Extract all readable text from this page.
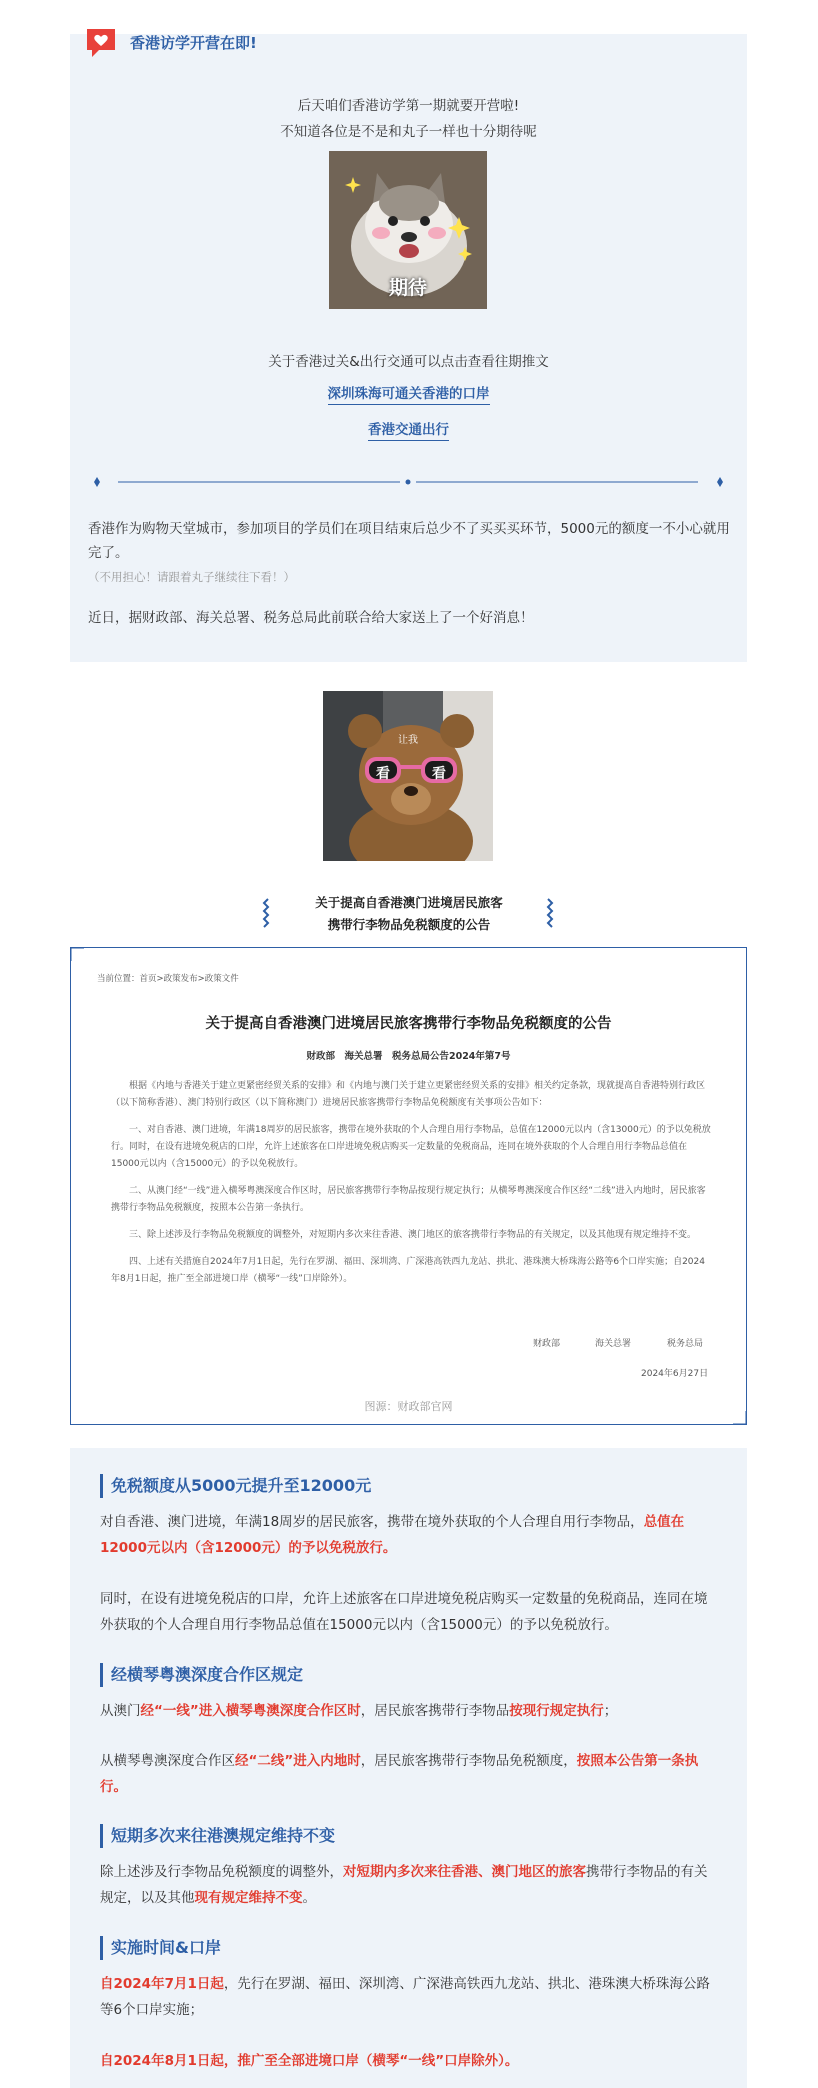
香港访学开营在即!
后天咱们香港访学第一期就要开营啦!
不知道各位是不是和丸子一样也十分期待呢
期待
关于香港过关&出行交通可以点击查看往期推文
深圳珠海可通关香港的口岸
香港交通出行
香港作为购物天堂城市，参加项目的学员们在项目结束后总少不了买买买环节，5000元的额度一不小心就用完了。
（不用担心！请跟着丸子继续往下看！）
近日，据财政部、海关总署、税务总局此前联合给大家送上了一个好消息！
让我
看	看
关于提高自香港澳门进境居民旅客
携带行李物品免税额度的公告
当前位置：首页>政策发布>政策文件
关于提高自香港澳门进境居民旅客携带行李物品免税额度的公告
财政部　海关总署　税务总局公告2024年第7号

根据《内地与香港关于建立更紧密经贸关系的安排》和《内地与澳门关于建立更紧密经贸关系的安排》相关约定条款，现就提高自香港特别行政区（以下简称香港）、澳门特别行政区（以下简称澳门）进境居民旅客携带行李物品免税额度有关事项公告如下：

一、对自香港、澳门进境，年满18周岁的居民旅客，携带在境外获取的个人合理自用行李物品，总值在12000元以内（含13000元）的予以免税放行。同时，在设有进境免税店的口岸，允许上述旅客在口岸进境免税店购买一定数量的免税商品，连同在境外获取的个人合理自用行李物品总值在15000元以内（含15000元）的予以免税放行。

二、从澳门经“一线”进入横琴粤澳深度合作区时，居民旅客携带行李物品按现行规定执行；从横琴粤澳深度合作区经“二线”进入内地时，居民旅客携带行李物品免税额度，按照本公告第一条执行。

三、除上述涉及行李物品免税额度的调整外，对短期内多次来往香港、澳门地区的旅客携带行李物品的有关规定，以及其他现有规定维持不变。

四、上述有关措施自2024年7月1日起，先行在罗湖、福田、深圳湾、广深港高铁西九龙站、拱北、港珠澳大桥珠海公路等6个口岸实施；自2024年8月1日起，推广至全部进境口岸（横琴“一线”口岸除外）。

财政部	海关总署	税务总局
2024年6月27日
图源：财政部官网
免税额度从5000元提升至12000元
对自香港、澳门进境，年满18周岁的居民旅客，携带在境外获取的个人合理自用行李物品，总值在12000元以内（含12000元）的予以免税放行。
同时，在设有进境免税店的口岸，允许上述旅客在口岸进境免税店购买一定数量的免税商品，连同在境外获取的个人合理自用行李物品总值在15000元以内（含15000元）的予以免税放行。
经横琴粤澳深度合作区规定
从澳门经“一线”进入横琴粤澳深度合作区时，居民旅客携带行李物品按现行规定执行；
从横琴粤澳深度合作区经“二线”进入内地时，居民旅客携带行李物品免税额度，按照本公告第一条执行。
短期多次来往港澳规定维持不变
除上述涉及行李物品免税额度的调整外，对短期内多次来往香港、澳门地区的旅客携带行李物品的有关规定，以及其他现有规定维持不变。
实施时间&口岸
自2024年7月1日起，先行在罗湖、福田、深圳湾、广深港高铁西九龙站、拱北、港珠澳大桥珠海公路等6个口岸实施；
自2024年8月1日起，推广至全部进境口岸（横琴“一线”口岸除外）。
